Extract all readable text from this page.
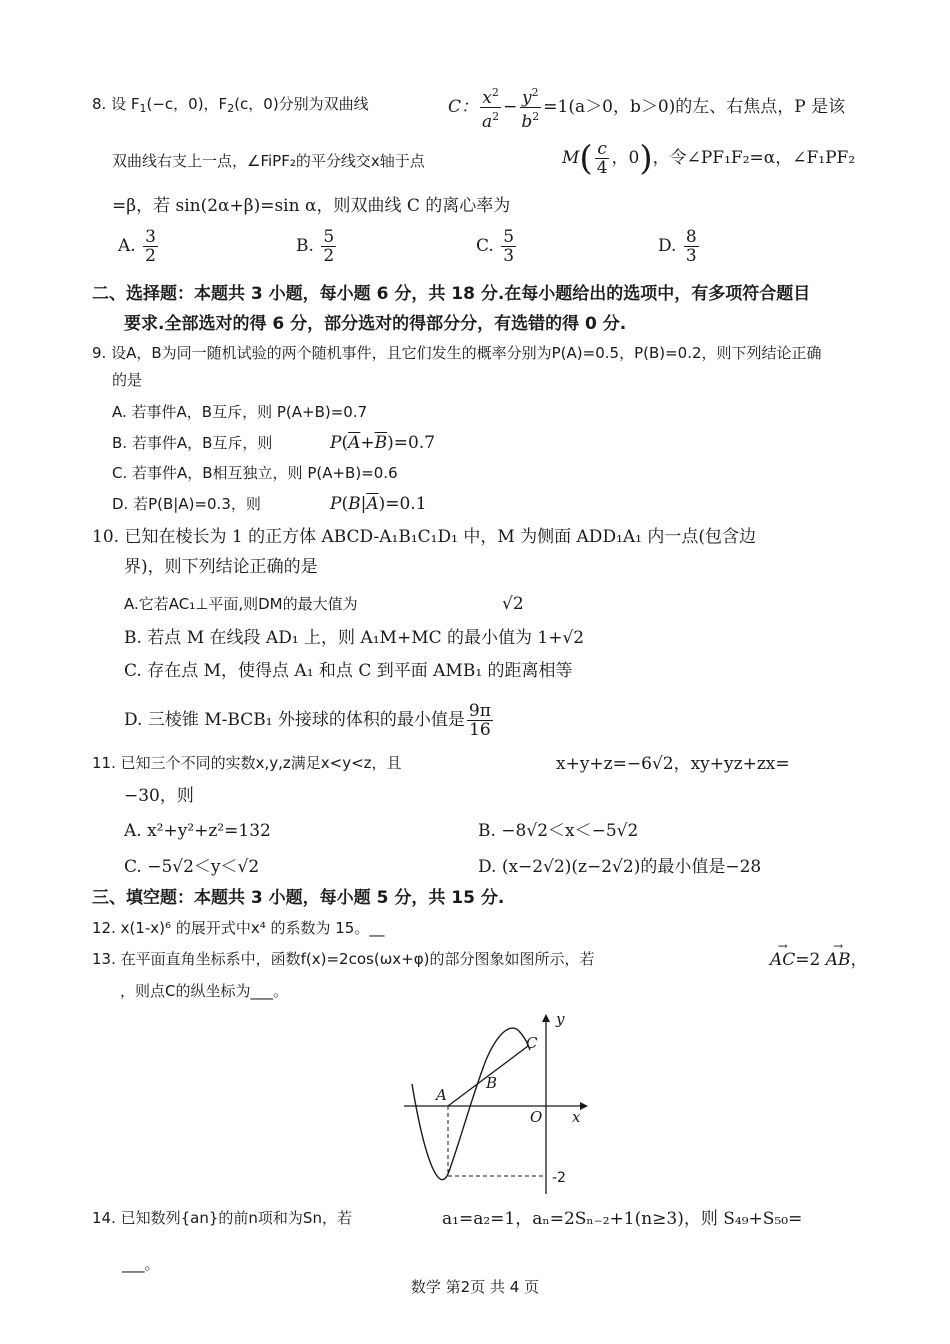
8. 设 $F_1(-c$，0)，$F_2(c$，0)分别为双曲线	C： $\frac{x^2}{a^2} - \frac{y^2}{b^2} =1(a>0$，b＞0)的左、右焦点，P 是该
双曲线右支上一点，∠FiPF₂的平分线交x轴于点	$M( \frac{c}{4}$ ，0)，令∠PF₁F₂=α，∠F₁PF₂
=β，若 sin(2α+β)=sin α，则双曲线 C 的离心率为
A. $\frac{3}{2}$	B. $\frac{5}{2}$	C. $\frac{5}{3}$	D. $\frac{8}{3}$
二、选择题：本题共 3 小题，每小题 6 分，共 18 分.在每小题给出的选项中，有多项符合题目
要求.全部选对的得 6 分，部分选对的得部分分，有选错的得 0 分.
9. 设A，B为同一随机试验的两个随机事件，且它们发生的概率分别为P(A)=0.5，P(B)=0.2，则下列结论正确
的是
A. 若事件A，B互斥，则 P(A+B)=0.7
B. 若事件A，B互斥，则	$P(\overline{A}+\overline{B})=0.7$
C. 若事件A，B相互独立，则 P(A+B)=0.6
D. 若P(B|A)=0.3，则	$P(B|\overline{A})=0.1$
10. 已知在棱长为 1 的正方体 ABCD-A₁B₁C₁D₁ 中，M 为侧面 ADD₁A₁ 内一点(包含边
界)，则下列结论正确的是
A.它若AC₁⊥平面,则DM的最大值为	√2
B. 若点 M 在线段 AD₁ 上，则 A₁M+MC 的最小值为 1+√2
C. 存在点 M，使得点 A₁ 和点 C 到平面 AMB₁ 的距离相等
D. 三棱锥 M-BCB₁ 外接球的体积的最小值是 $\frac{9\pi}{16}$
11. 已知三个不同的实数x,y,z满足x<y<z，且	x+y+z=−6√2，xy+yz+zx=
−30，则
A. x²+y²+z²=132	B. −8√2＜x＜−5√2
C. −5√2＜y＜√2	D. (x−2√2)(z−2√2)的最小值是−28
三、填空题：本题共 3 小题，每小题 5 分，共 15 分.
12. x(1-x)⁶ 的展开式中x⁴ 的系数为 15。__
13. 在平面直角坐标系中，函数f(x)=2cos(ωx+φ)的部分图象如图所示，若	→ AC=2 → AB，
，则点C的纵坐标为___。
y
x
O
A
B
C
-2
14. 已知数列{an}的前n项和为Sn，若	a₁=a₂=1，aₙ=2Sₙ₋₂+1(n≥3)，则 S₄₉+S₅₀=
___。
数学 第2页 共 4 页
